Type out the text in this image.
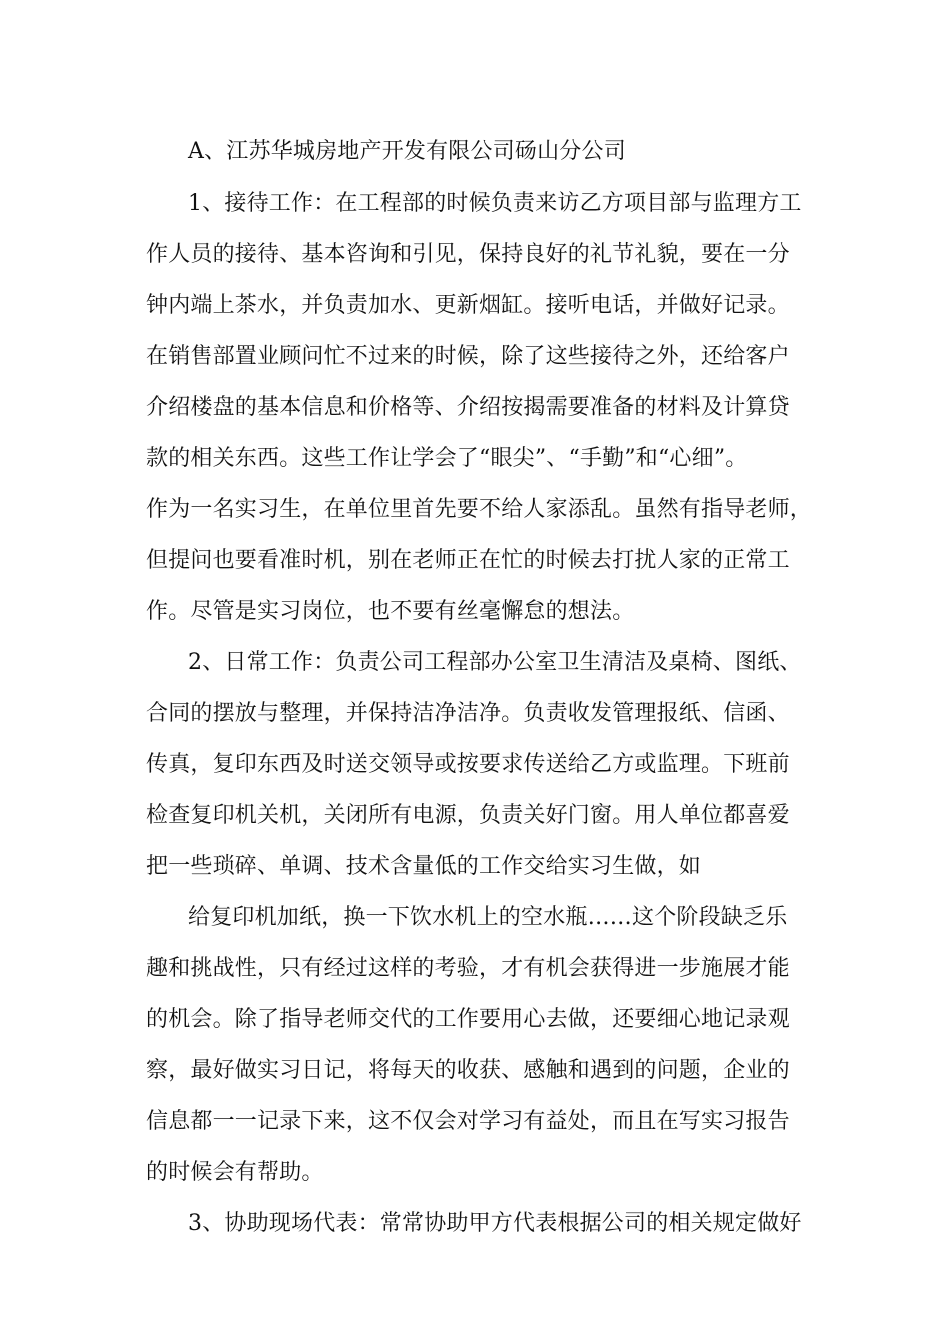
A、江苏华城房地产开发有限公司砀山分公司
1、接待工作：在工程部的时候负责来访乙方项目部与监理方工
作人员的接待、基本咨询和引见，保持良好的礼节礼貌，要在一分
钟内端上茶水，并负责加水、更新烟缸。接听电话，并做好记录。
在销售部置业顾问忙不过来的时候，除了这些接待之外，还给客户
介绍楼盘的基本信息和价格等、介绍按揭需要准备的材料及计算贷
款的相关东西。这些工作让学会了“眼尖”、“手勤”和“心细”。
作为一名实习生，在单位里首先要不给人家添乱。虽然有指导老师，
但提问也要看准时机，别在老师正在忙的时候去打扰人家的正常工
作。尽管是实习岗位，也不要有丝毫懈怠的想法。
2、日常工作：负责公司工程部办公室卫生清洁及桌椅、图纸、
合同的摆放与整理，并保持洁净洁净。负责收发管理报纸、信函、
传真，复印东西及时送交领导或按要求传送给乙方或监理。下班前
检查复印机关机，关闭所有电源，负责关好门窗。用人单位都喜爱
把一些琐碎、单调、技术含量低的工作交给实习生做，如
给复印机加纸，换一下饮水机上的空水瓶……这个阶段缺乏乐
趣和挑战性，只有经过这样的考验，才有机会获得进一步施展才能
的机会。除了指导老师交代的工作要用心去做，还要细心地记录观
察，最好做实习日记，将每天的收获、感触和遇到的问题，企业的
信息都一一记录下来，这不仅会对学习有益处，而且在写实习报告
的时候会有帮助。
3、协助现场代表：常常协助甲方代表根据公司的相关规定做好
